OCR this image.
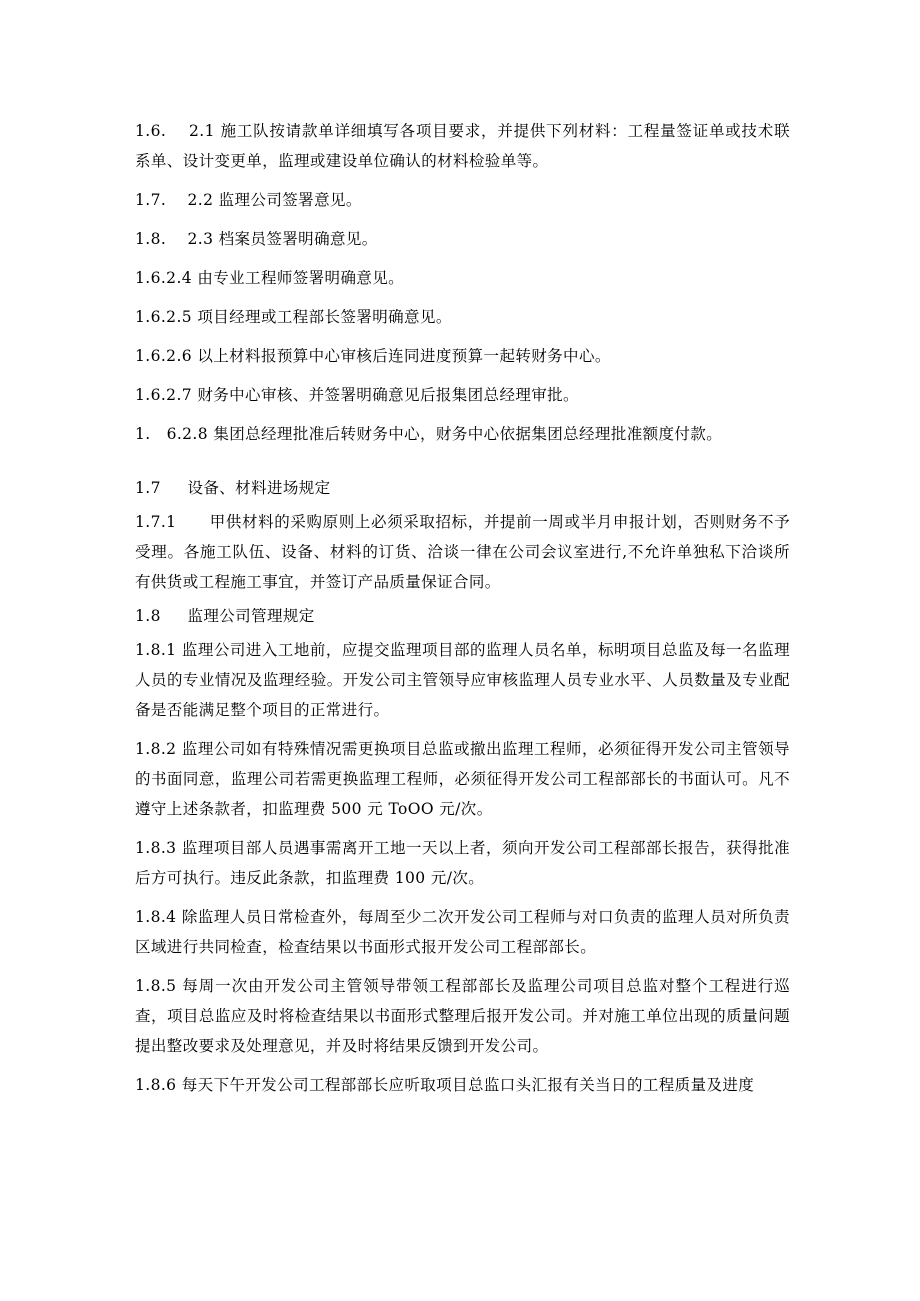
1.6.    2.1 施工队按请款单详细填写各项目要求，并提供下列材料：工程量签证单或技术联系单、设计变更单，监理或建设单位确认的材料检验单等。

1.7.    2.2 监理公司签署意见。

1.8.    2.3 档案员签署明确意见。

1.6.2.4 由专业工程师签署明确意见。

1.6.2.5 项目经理或工程部长签署明确意见。

1.6.2.6 以上材料报预算中心审核后连同进度预算一起转财务中心。

1.6.2.7 财务中心审核、并签署明确意见后报集团总经理审批。

1.   6.2.8 集团总经理批准后转财务中心，财务中心依据集团总经理批准额度付款。

1.7     设备、材料进场规定

1.7.1      甲供材料的采购原则上必须采取招标，并提前一周或半月申报计划，否则财务不予受理。各施工队伍、设备、材料的订货、洽谈一律在公司会议室进行,不允许单独私下洽谈所有供货或工程施工事宜，并签订产品质量保证合同。

1.8     监理公司管理规定

1.8.1 监理公司进入工地前，应提交监理项目部的监理人员名单，标明项目总监及每一名监理人员的专业情况及监理经验。开发公司主管领导应审核监理人员专业水平、人员数量及专业配备是否能满足整个项目的正常进行。

1.8.2 监理公司如有特殊情况需更换项目总监或撤出监理工程师，必须征得开发公司主管领导的书面同意，监理公司若需更换监理工程师，必须征得开发公司工程部部长的书面认可。凡不遵守上述条款者，扣监理费 500 元 ToOO 元/次。

1.8.3 监理项目部人员遇事需离开工地一天以上者，须向开发公司工程部部长报告，获得批准后方可执行。违反此条款，扣监理费 100 元/次。

1.8.4 除监理人员日常检查外，每周至少二次开发公司工程师与对口负责的监理人员对所负责区域进行共同检查，检查结果以书面形式报开发公司工程部部长。

1.8.5 每周一次由开发公司主管领导带领工程部部长及监理公司项目总监对整个工程进行巡查，项目总监应及时将检查结果以书面形式整理后报开发公司。并对施工单位出现的质量问题提出整改要求及处理意见，并及时将结果反馈到开发公司。

1.8.6 每天下午开发公司工程部部长应听取项目总监口头汇报有关当日的工程质量及进度
